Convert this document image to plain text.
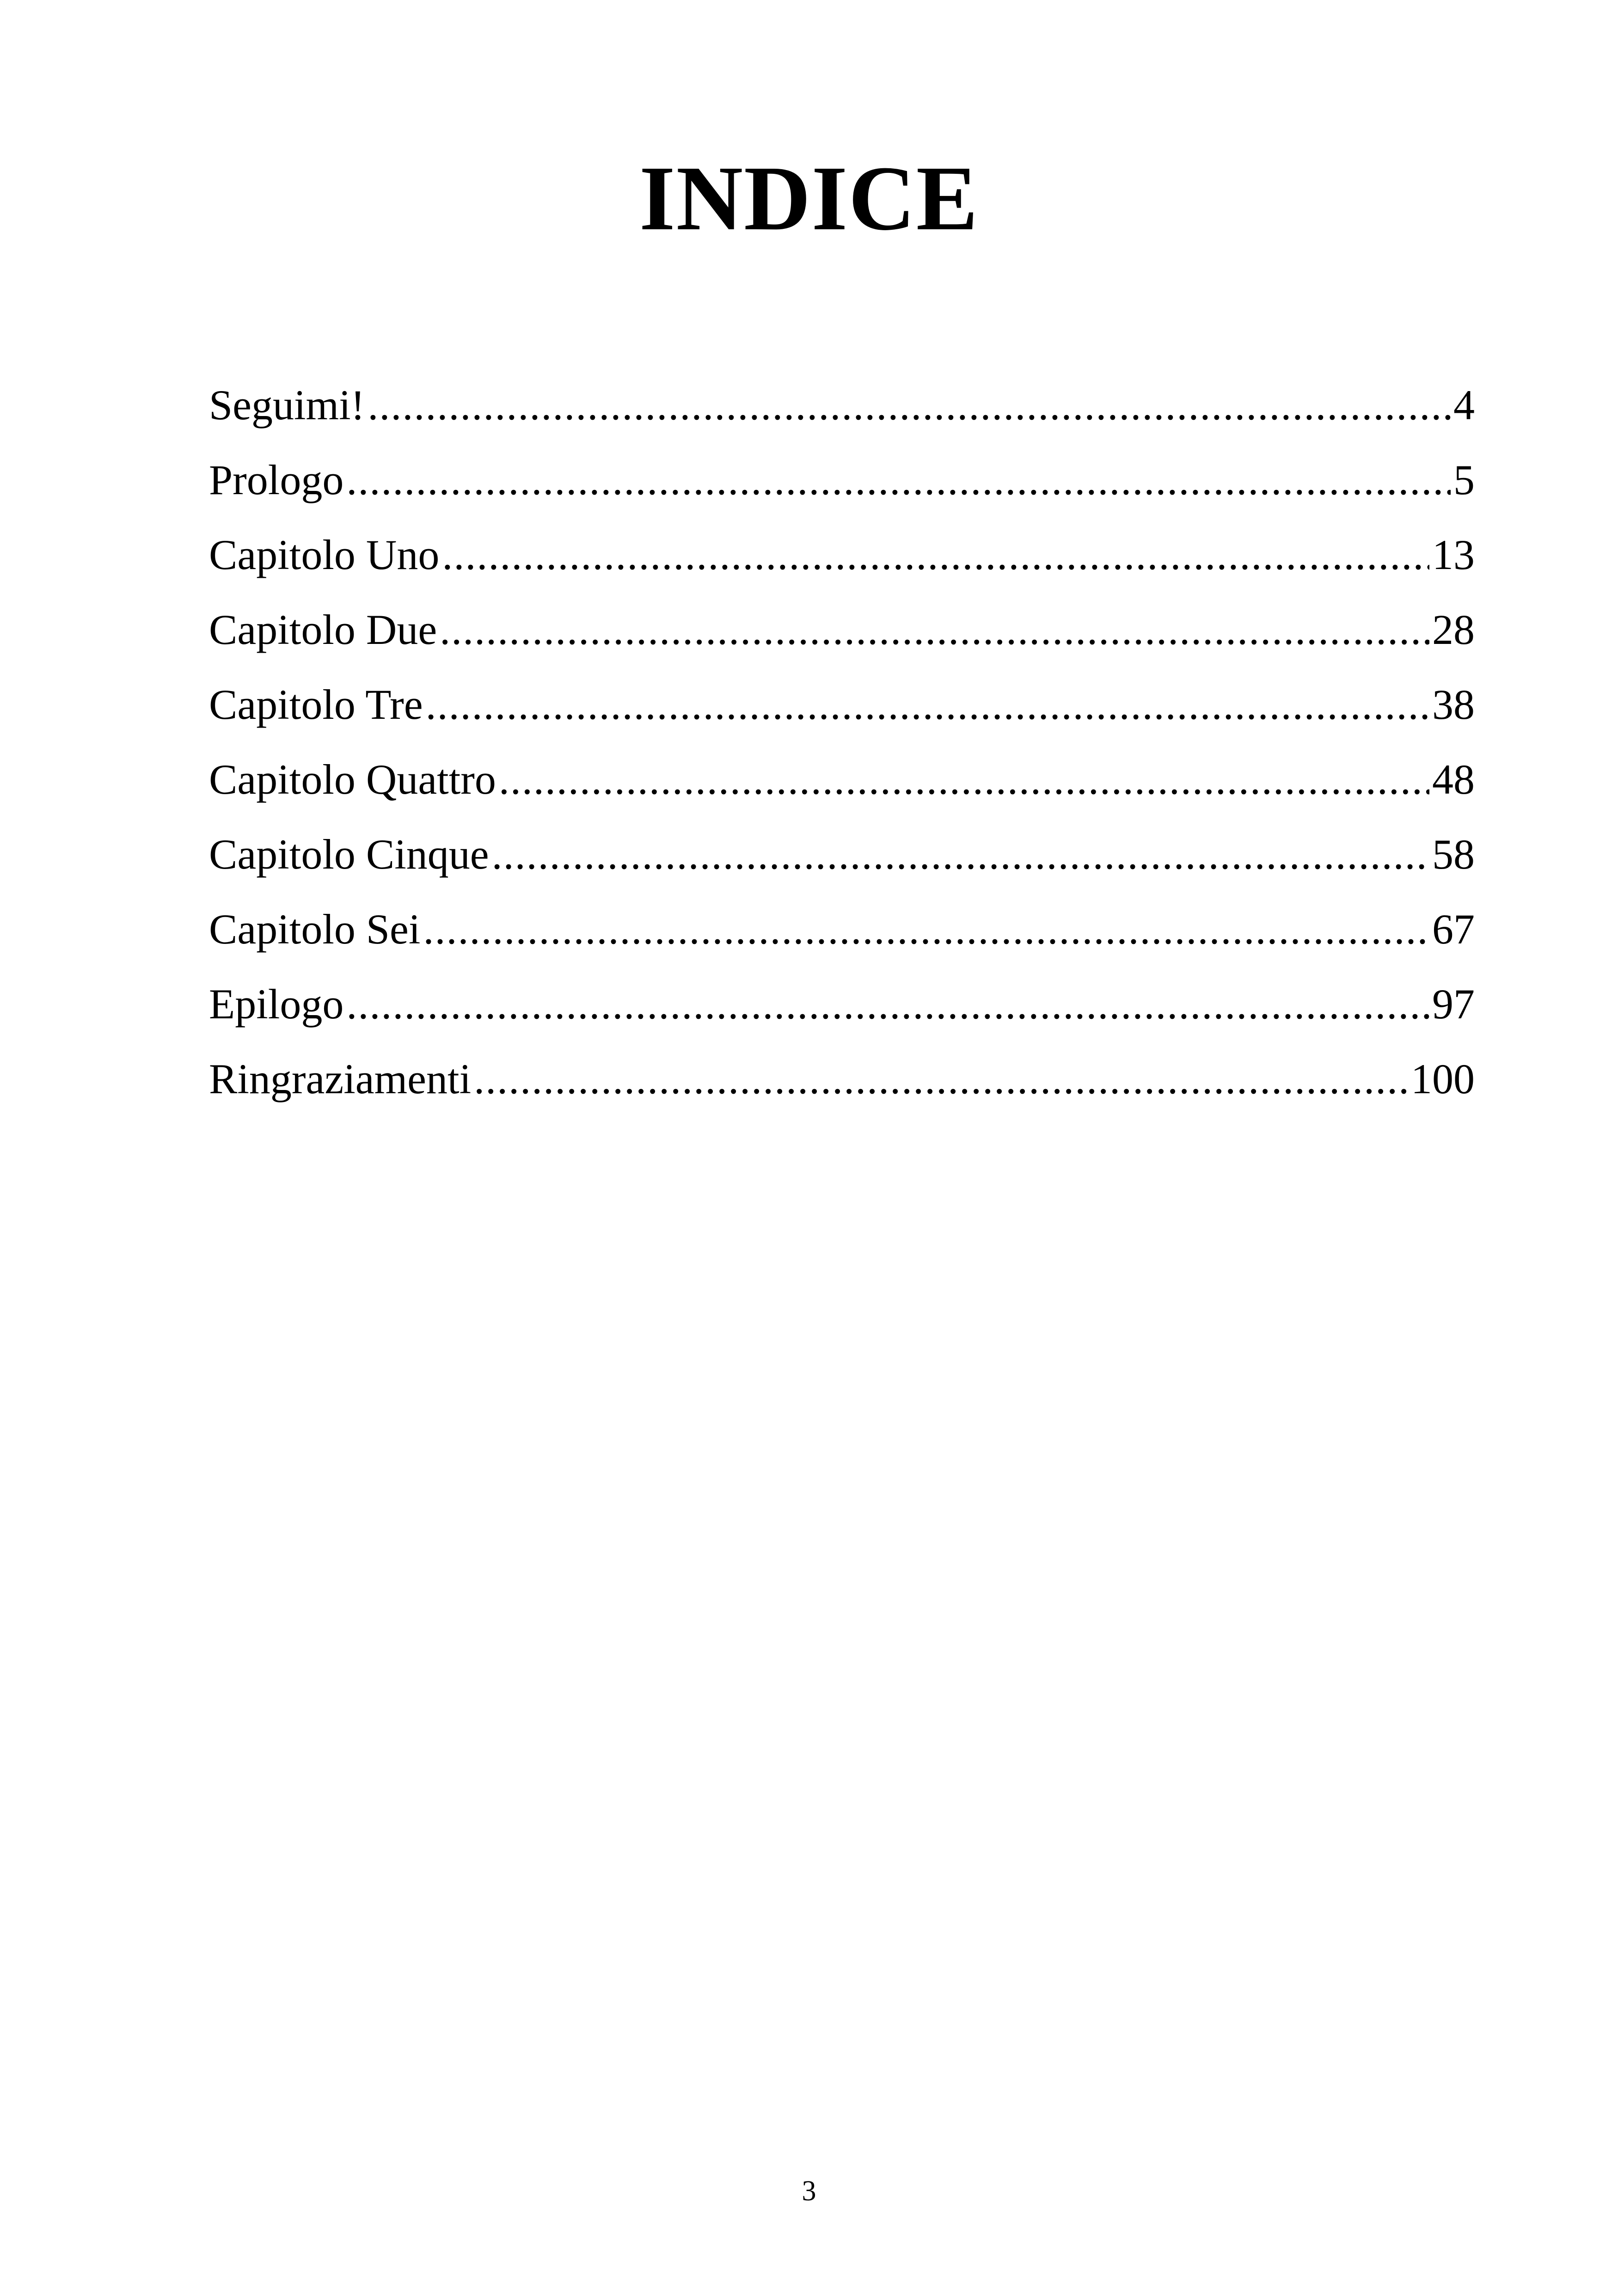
INDICE
Seguimi! .....	4
Prologo .....	5
Capitolo Uno .....	13
Capitolo Due .....	28
Capitolo Tre .....	38
Capitolo Quattro .....	48
Capitolo Cinque .....	58
Capitolo Sei .....	67
Epilogo .....	97
Ringraziamenti .....	100
3
